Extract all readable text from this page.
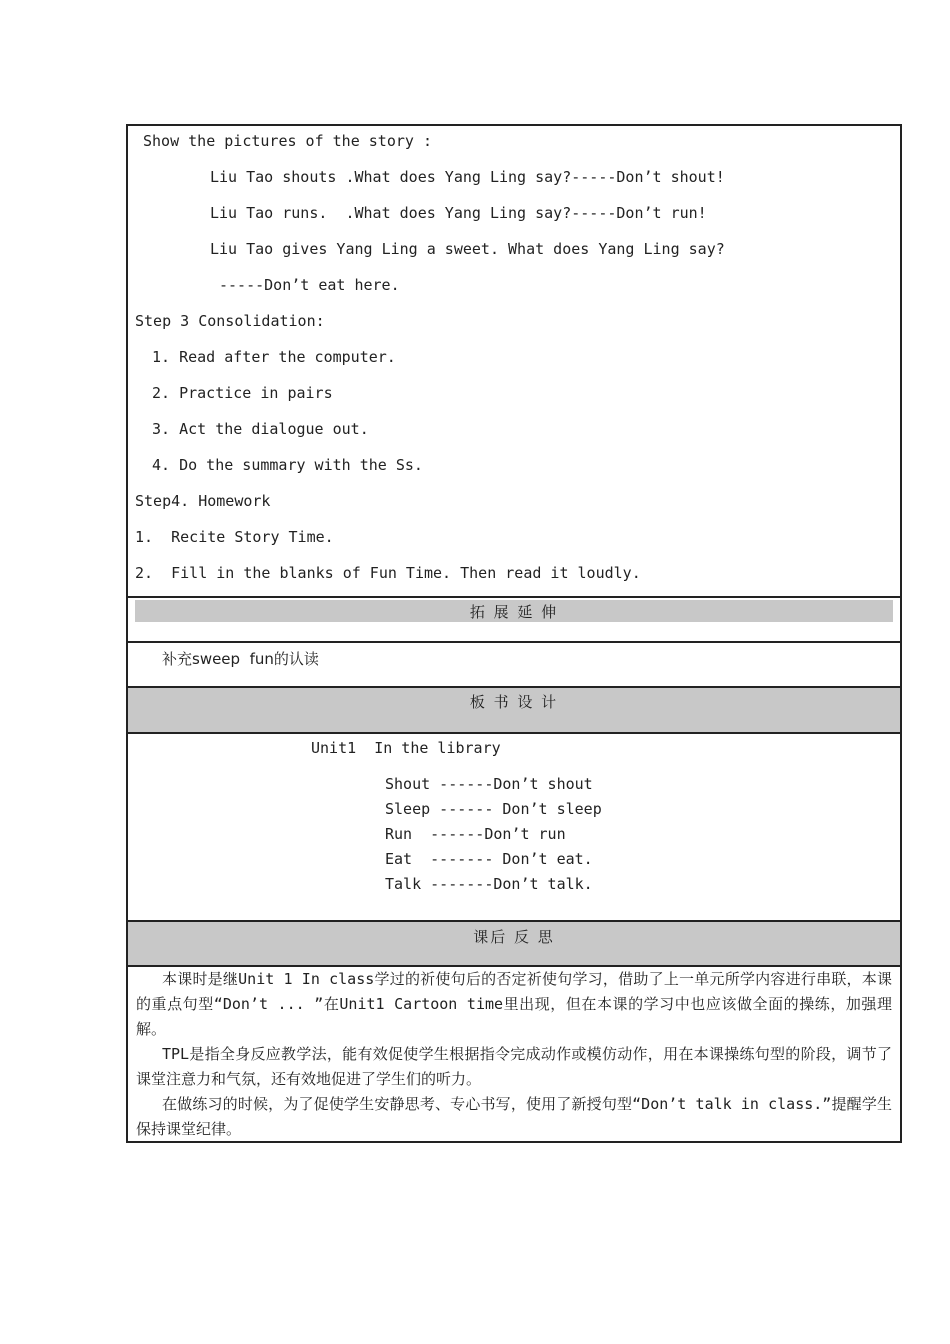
Show the pictures of the story :
Liu Tao shouts .What does Yang Ling say?-----Don’t shout!
Liu Tao runs.  .What does Yang Ling say?-----Don’t run!
Liu Tao gives Yang Ling a sweet. What does Yang Ling say?
-----Don’t eat here.
Step 3 Consolidation:
1. Read after the computer.
2. Practice in pairs
3. Act the dialogue out.
4. Do the summary with the Ss.
Step4. Homework
1.  Recite Story Time.
2.  Fill in the blanks of Fun Time. Then read it loudly.
拓 展 延 伸
补充sweep  fun的认读
板 书 设 计
Unit1  In the library
Shout ------Don’t shout
Sleep ------ Don’t sleep
Run  ------Don’t run
Eat  ------- Don’t eat.
Talk -------Don’t talk.
课后 反 思
本课时是继Unit 1 In class学过的祈使句后的否定祈使句学习，借助了上一单元所学内容进行串联，本课的重点句型“Don’t ... ”在Unit1 Cartoon time里出现，但在本课的学习中也应该做全面的操练，加强理解。
TPL是指全身反应教学法，能有效促使学生根据指令完成动作或模仿动作，用在本课操练句型的阶段，调节了课堂注意力和气氛，还有效地促进了学生们的听力。
在做练习的时候，为了促使学生安静思考、专心书写，使用了新授句型“Don’t talk in class.”提醒学生保持课堂纪律。
